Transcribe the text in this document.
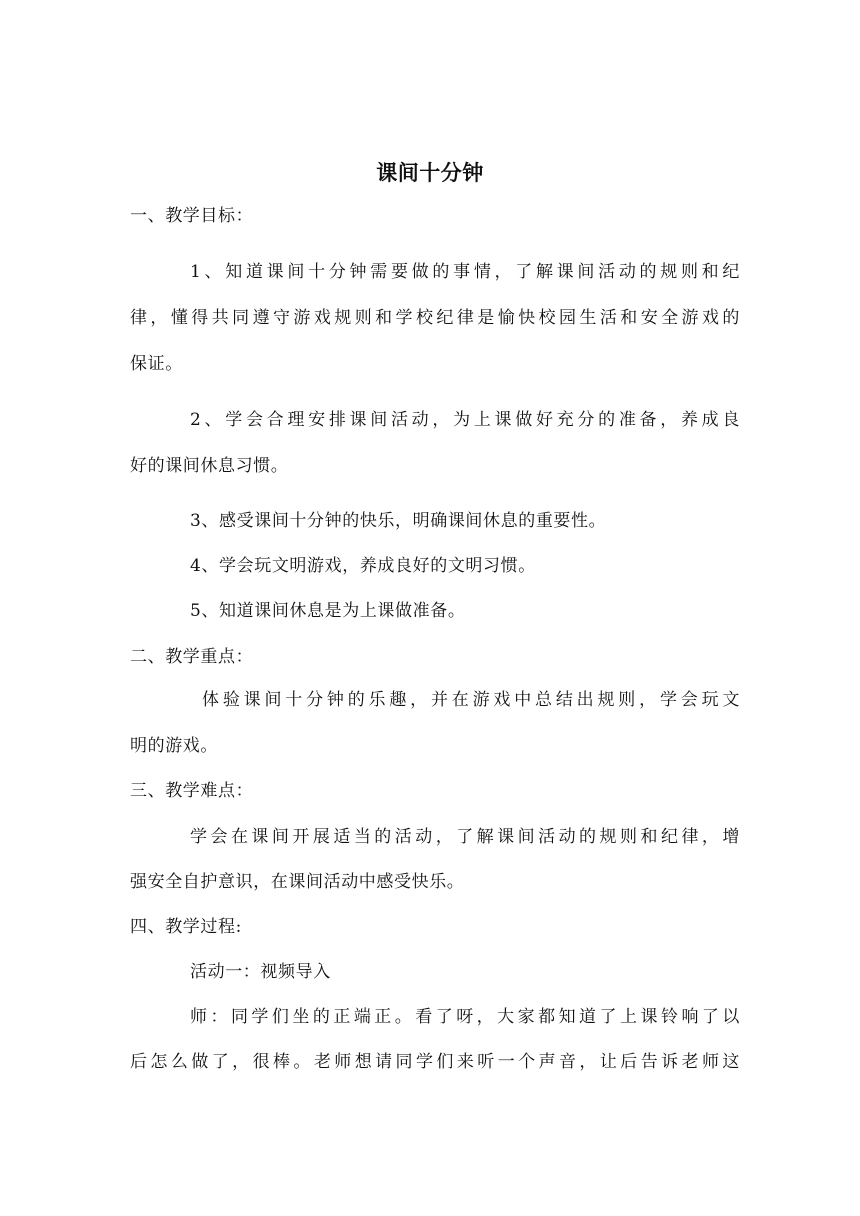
课间十分钟
一、教学目标：
1、知道课间十分钟需要做的事情，了解课间活动的规则和纪
律，懂得共同遵守游戏规则和学校纪律是愉快校园生活和安全游戏的
保证。
2、学会合理安排课间活动，为上课做好充分的准备，养成良
好的课间休息习惯。
3、感受课间十分钟的快乐，明确课间休息的重要性。
4、学会玩文明游戏，养成良好的文明习惯。
5、知道课间休息是为上课做准备。
二、教学重点：
体验课间十分钟的乐趣，并在游戏中总结出规则，学会玩文
明的游戏。
三、教学难点：
学会在课间开展适当的活动，了解课间活动的规则和纪律，增
强安全自护意识，在课间活动中感受快乐。
四、教学过程:
活动一：视频导入
师：同学们坐的正端正。看了呀，大家都知道了上课铃响了以
后怎么做了，很棒。老师想请同学们来听一个声音，让后告诉老师这
